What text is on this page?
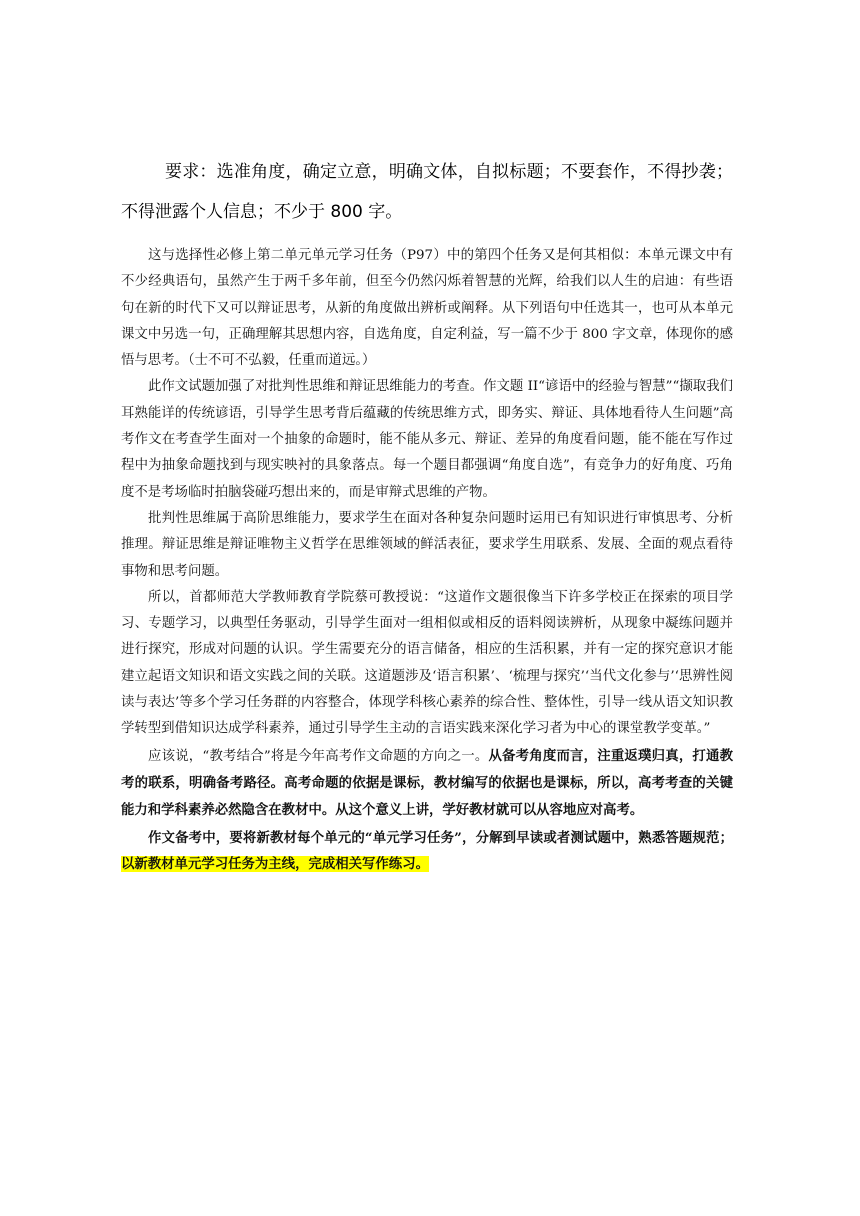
要求：选准角度，确定立意，明确文体，自拟标题；不要套作，不得抄袭；不得泄露个人信息；不少于 800 字。

这与选择性必修上第二单元单元学习任务（P97）中的第四个任务又是何其相似：本单元课文中有不少经典语句，虽然产生于两千多年前，但至今仍然闪烁着智慧的光辉，给我们以人生的启迪：有些语句在新的时代下又可以辩证思考，从新的角度做出辨析或阐释。从下列语句中任选其一，也可从本单元课文中另选一句，正确理解其思想内容，自选角度，自定利益，写一篇不少于 800 字文章，体现你的感悟与思考。（士不可不弘毅，任重而道远。）

此作文试题加强了对批判性思维和辩证思维能力的考查。作文题 II“谚语中的经验与智慧”“撷取我们耳熟能详的传统谚语，引导学生思考背后蕴藏的传统思维方式，即务实、辩证、具体地看待人生问题”高考作文在考查学生面对一个抽象的命题时，能不能从多元、辩证、差异的角度看问题，能不能在写作过程中为抽象命题找到与现实映衬的具象落点。每一个题目都强调“角度自选”，有竞争力的好角度、巧角度不是考场临时拍脑袋碰巧想出来的，而是审辩式思维的产物。

批判性思维属于高阶思维能力，要求学生在面对各种复杂问题时运用已有知识进行审慎思考、分析推理。辩证思维是辩证唯物主义哲学在思维领域的鲜活表征，要求学生用联系、发展、全面的观点看待事物和思考问题。

所以，首都师范大学教师教育学院蔡可教授说：“这道作文题很像当下许多学校正在探索的项目学习、专题学习，以典型任务驱动，引导学生面对一组相似或相反的语料阅读辨析，从现象中凝练问题并进行探究，形成对问题的认识。学生需要充分的语言储备，相应的生活积累，并有一定的探究意识才能建立起语文知识和语文实践之间的关联。这道题涉及‘语言积累’、‘梳理与探究’‘当代文化参与’‘思辨性阅读与表达’等多个学习任务群的内容整合，体现学科核心素养的综合性、整体性，引导一线从语文知识教学转型到借知识达成学科素养，通过引导学生主动的言语实践来深化学习者为中心的课堂教学变革。”

应该说，“教考结合”将是今年高考作文命题的方向之一。从备考角度而言，注重返璞归真，打通教考的联系，明确备考路径。高考命题的依据是课标，教材编写的依据也是课标，所以，高考考查的关键能力和学科素养必然隐含在教材中。从这个意义上讲，学好教材就可以从容地应对高考。

作文备考中，要将新教材每个单元的“单元学习任务”，分解到早读或者测试题中，熟悉答题规范；以新教材单元学习任务为主线，完成相关写作练习。
